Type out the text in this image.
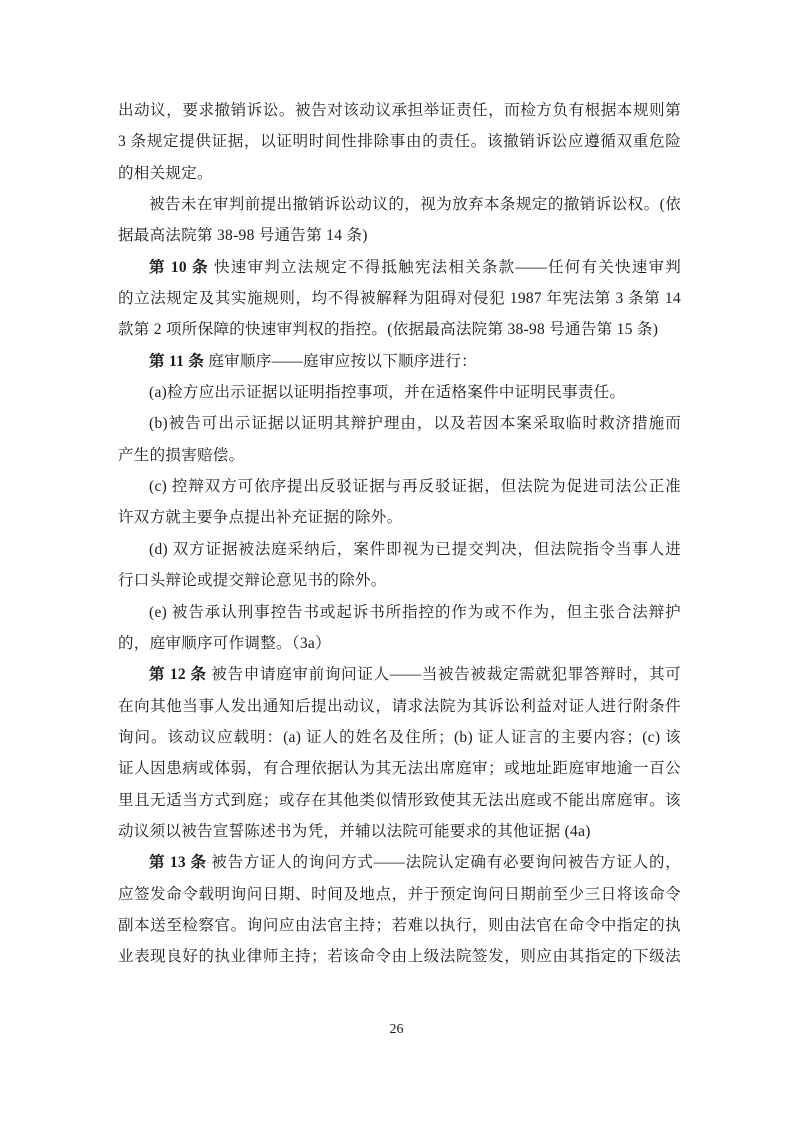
出动议，要求撤销诉讼。被告对该动议承担举证责任，而检方负有根据本规则第
3 条规定提供证据，以证明时间性排除事由的责任。该撤销诉讼应遵循双重危险
的相关规定。
被告未在审判前提出撤销诉讼动议的，视为放弃本条规定的撤销诉讼权。(依
据最高法院第 38-98 号通告第 14 条)
第 10 条 快速审判立法规定不得抵触宪法相关条款——任何有关快速审判
的立法规定及其实施规则，均不得被解释为阻碍对侵犯 1987 年宪法第 3 条第 14
款第 2 项所保障的快速审判权的指控。(依据最高法院第 38-98 号通告第 15 条)
第 11 条 庭审顺序——庭审应按以下顺序进行：
(a)检方应出示证据以证明指控事项，并在适格案件中证明民事责任。
(b)被告可出示证据以证明其辩护理由，以及若因本案采取临时救济措施而
产生的损害赔偿。
(c) 控辩双方可依序提出反驳证据与再反驳证据，但法院为促进司法公正准
许双方就主要争点提出补充证据的除外。
(d) 双方证据被法庭采纳后，案件即视为已提交判决，但法院指令当事人进
行口头辩论或提交辩论意见书的除外。
(e) 被告承认刑事控告书或起诉书所指控的作为或不作为，但主张合法辩护
的，庭审顺序可作调整。（3a）
第 12 条 被告申请庭审前询问证人——当被告被裁定需就犯罪答辩时，其可
在向其他当事人发出通知后提出动议，请求法院为其诉讼利益对证人进行附条件
询问。该动议应载明：(a) 证人的姓名及住所；(b) 证人证言的主要内容；(c) 该
证人因患病或体弱，有合理依据认为其无法出席庭审；或地址距庭审地逾一百公
里且无适当方式到庭；或存在其他类似情形致使其无法出庭或不能出席庭审。该
动议须以被告宣誓陈述书为凭，并辅以法院可能要求的其他证据 (4a)
第 13 条 被告方证人的询问方式——法院认定确有必要询问被告方证人的，
应签发命令载明询问日期、时间及地点，并于预定询问日期前至少三日将该命令
副本送至检察官。询问应由法官主持；若难以执行，则由法官在命令中指定的执
业表现良好的执业律师主持；若该命令由上级法院签发，则应由其指定的下级法
26
